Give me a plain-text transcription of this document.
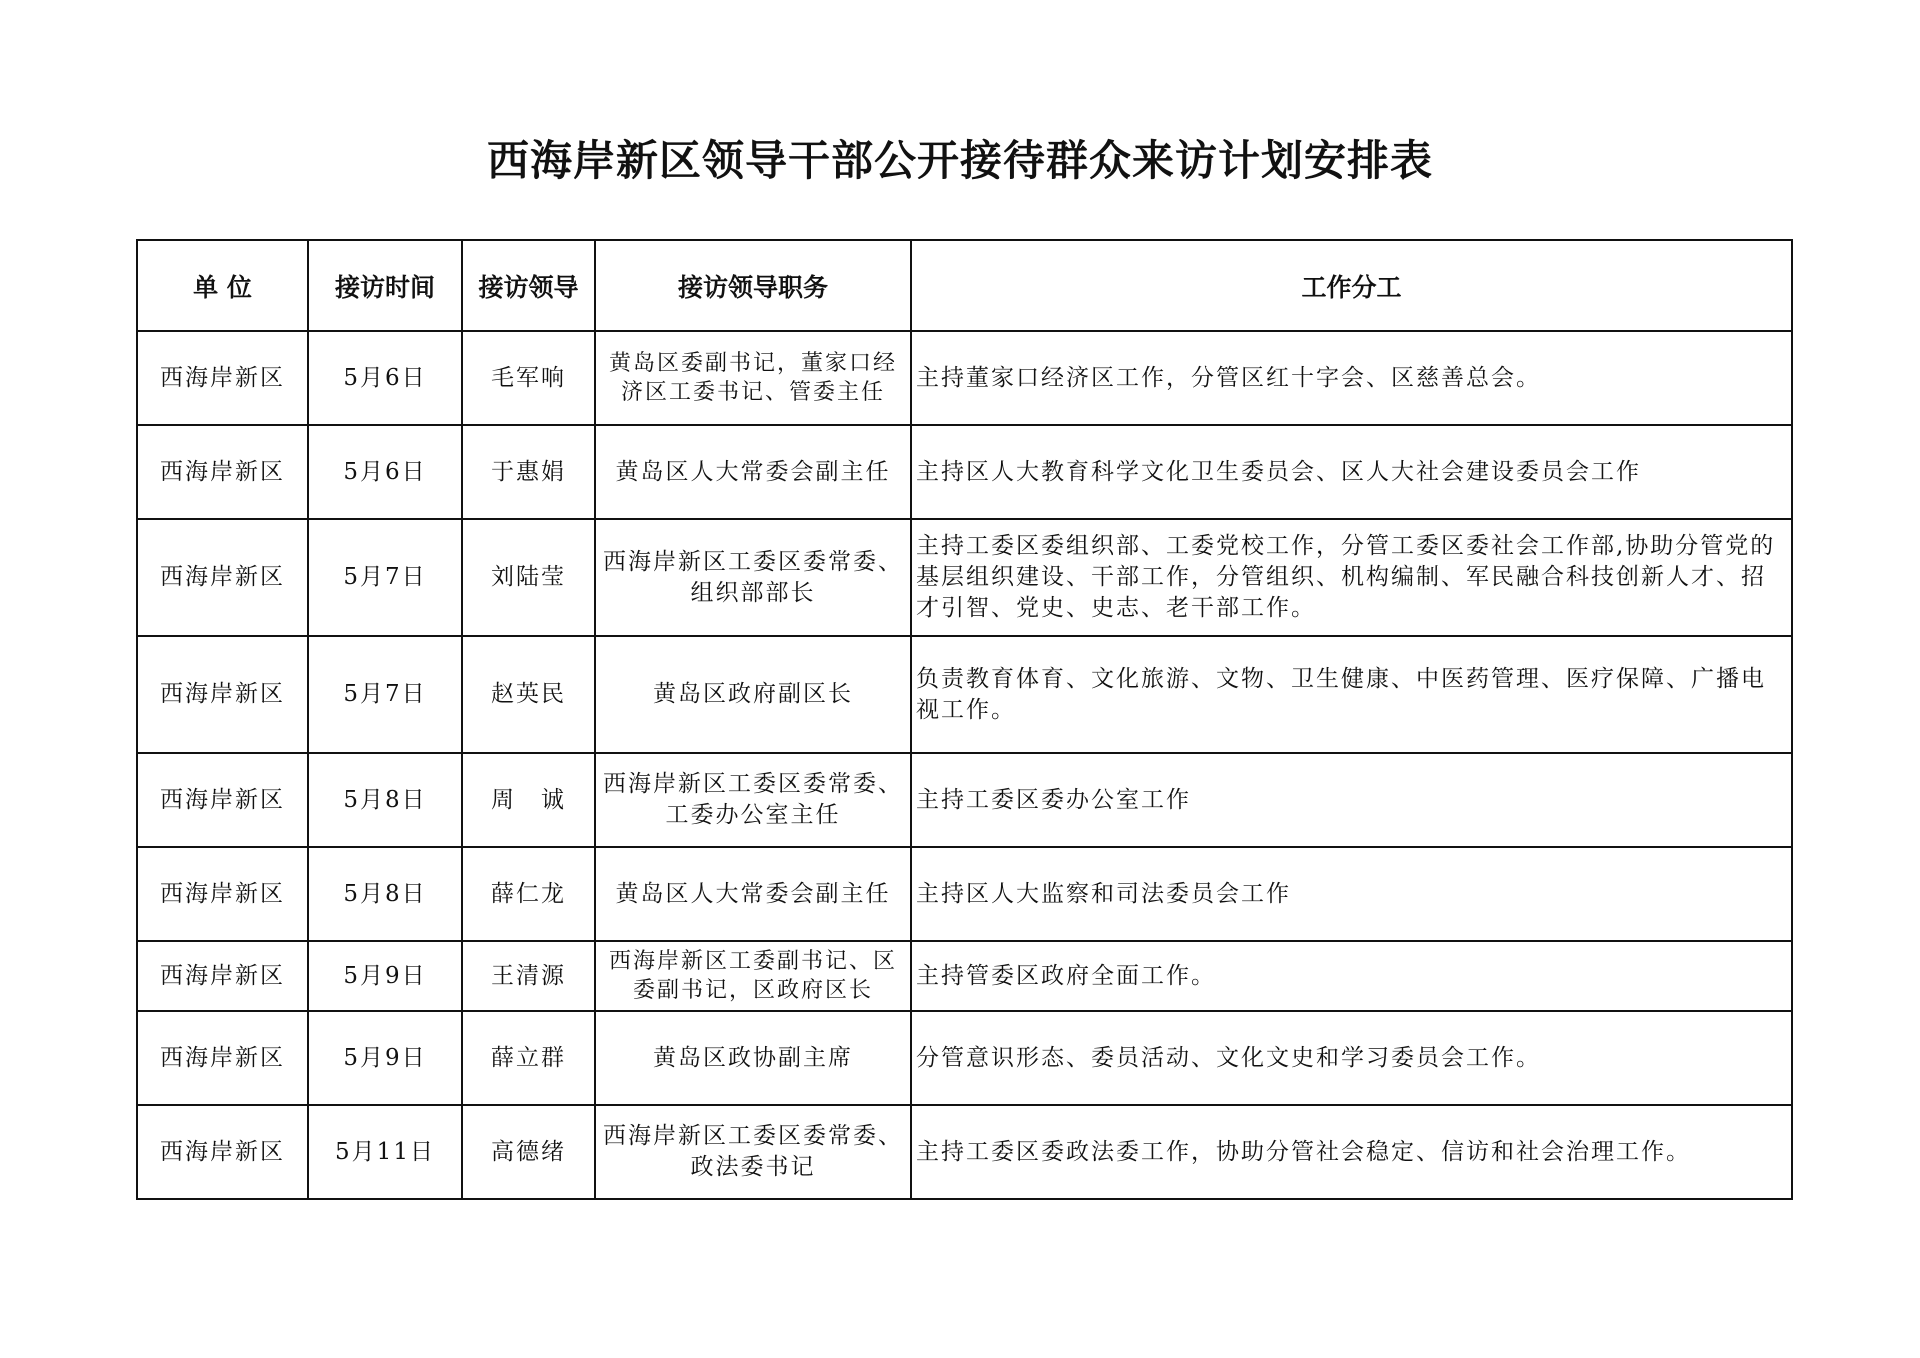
西海岸新区领导干部公开接待群众来访计划安排表
单 位	接访时间	接访领导	接访领导职务	工作分工
西海岸新区	5月6日	毛军响	黄岛区委副书记，董家口经济区工委书记、管委主任	主持董家口经济区工作，分管区红十字会、区慈善总会。
西海岸新区	5月6日	于惠娟	黄岛区人大常委会副主任	主持区人大教育科学文化卫生委员会、区人大社会建设委员会工作
西海岸新区	5月7日	刘陆莹	西海岸新区工委区委常委、组织部部长	主持工委区委组织部、工委党校工作，分管工委区委社会工作部,协助分管党的基层组织建设、干部工作，分管组织、机构编制、军民融合科技创新人才、招才引智、党史、史志、老干部工作。
西海岸新区	5月7日	赵英民	黄岛区政府副区长	负责教育体育、文化旅游、文物、卫生健康、中医药管理、医疗保障、广播电视工作。
西海岸新区	5月8日	周　诚	西海岸新区工委区委常委、工委办公室主任	主持工委区委办公室工作
西海岸新区	5月8日	薛仁龙	黄岛区人大常委会副主任	主持区人大监察和司法委员会工作
西海岸新区	5月9日	王清源	西海岸新区工委副书记、区委副书记，区政府区长	主持管委区政府全面工作。
西海岸新区	5月9日	薛立群	黄岛区政协副主席	分管意识形态、委员活动、文化文史和学习委员会工作。
西海岸新区	5月11日	高德绪	西海岸新区工委区委常委、政法委书记	主持工委区委政法委工作，协助分管社会稳定、信访和社会治理工作。
